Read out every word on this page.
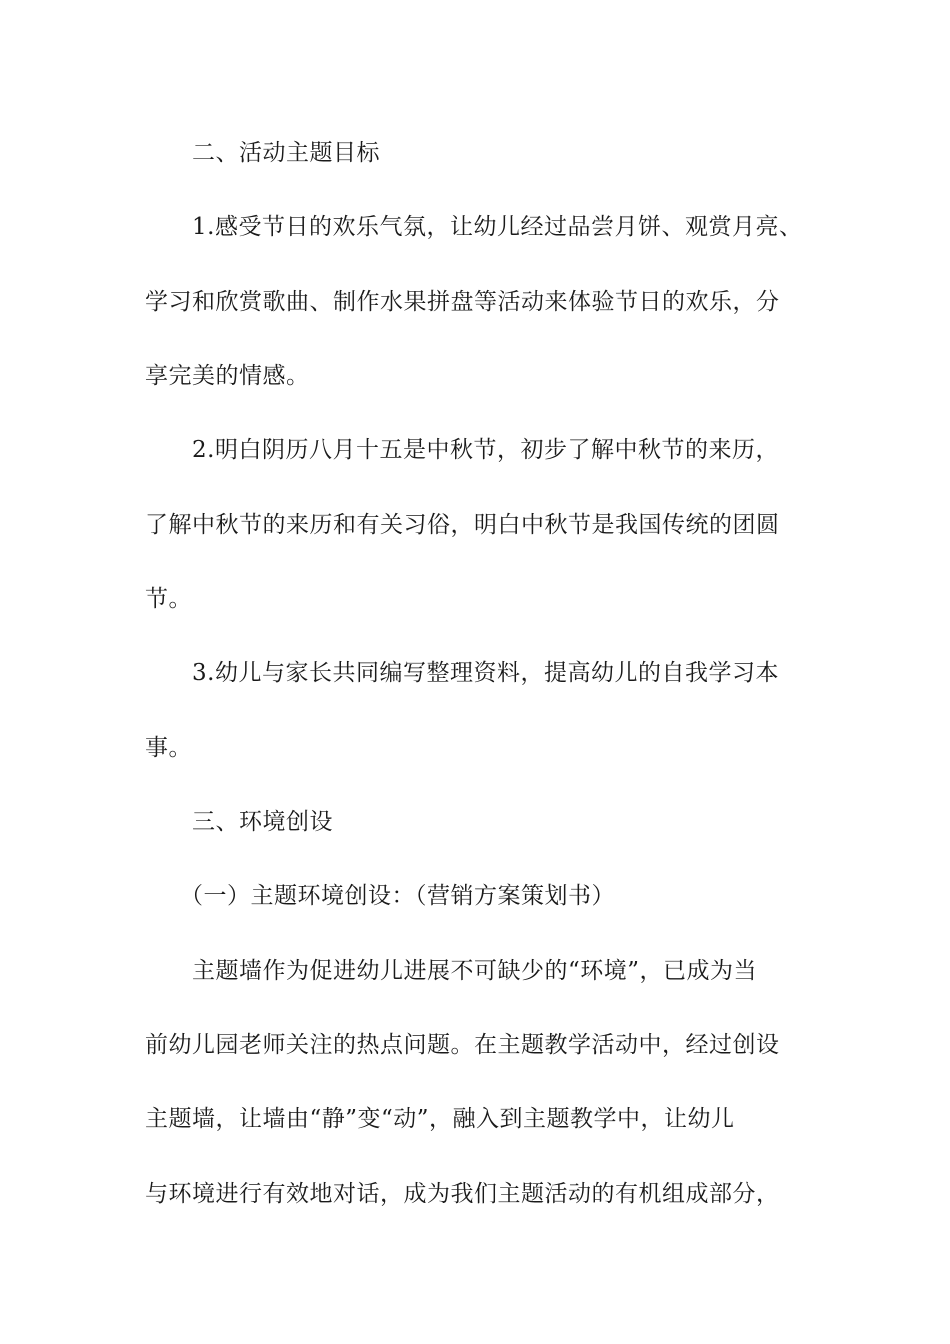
二、活动主题目标
1.感受节日的欢乐气氛，让幼儿经过品尝月饼、观赏月亮、
学习和欣赏歌曲、制作水果拼盘等活动来体验节日的欢乐，分
享完美的情感。
2.明白阴历八月十五是中秋节，初步了解中秋节的来历，
了解中秋节的来历和有关习俗，明白中秋节是我国传统的团圆
节。
3.幼儿与家长共同编写整理资料，提高幼儿的自我学习本
事。
三、环境创设
（一）主题环境创设：（营销方案策划书）
主题墙作为促进幼儿进展不可缺少的“环境”，已成为当
前幼儿园老师关注的热点问题。在主题教学活动中，经过创设
主题墙，让墙由“静”变“动”，融入到主题教学中，让幼儿
与环境进行有效地对话，成为我们主题活动的有机组成部分，
